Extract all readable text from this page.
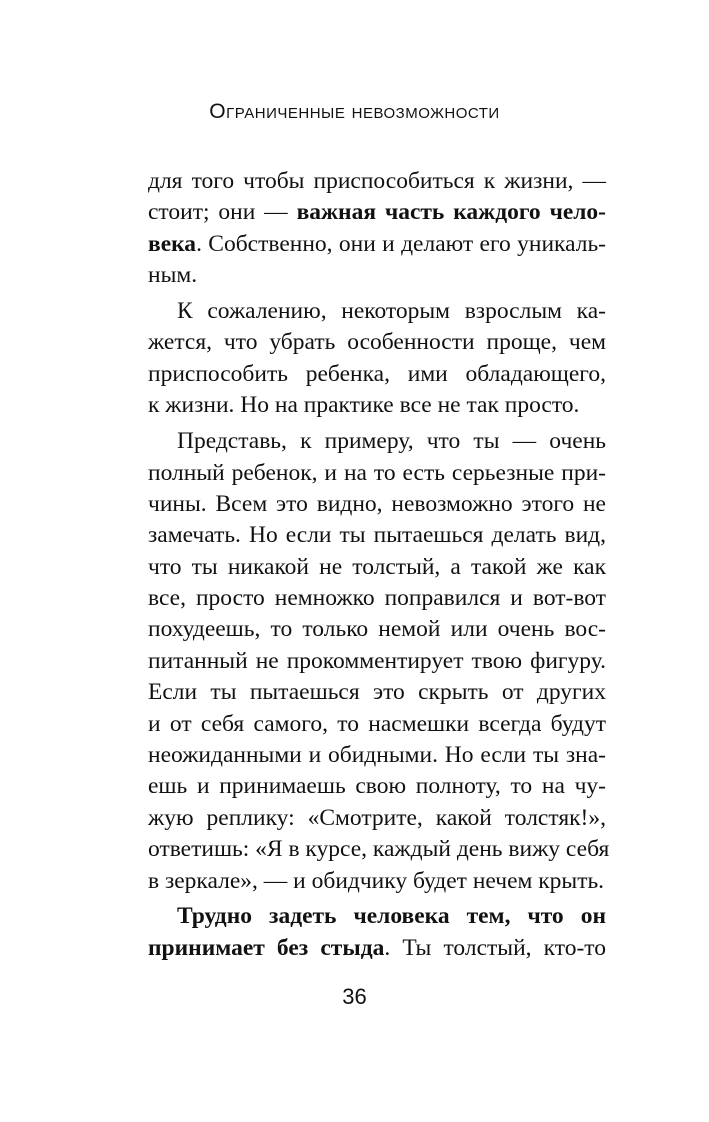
Ограниченные невозможности

для того чтобы приспособиться к жизни, —
стоит; они — важная часть каждого чело-
века. Собственно, они и делают его уникаль-
ным.

К сожалению, некоторым взрослым ка-
жется, что убрать особенности проще, чем
приспособить ребенка, ими обладающего,
к жизни. Но на практике все не так просто.

Представь, к примеру, что ты — очень
полный ребенок, и на то есть серьезные при-
чины. Всем это видно, невозможно этого не
замечать. Но если ты пытаешься делать вид,
что ты никакой не толстый, а такой же как
все, просто немножко поправился и вот-вот
похудеешь, то только немой или очень вос-
питанный не прокомментирует твою фигуру.
Если ты пытаешься это скрыть от других
и от себя самого, то насмешки всегда будут
неожиданными и обидными. Но если ты зна-
ешь и принимаешь свою полноту, то на чу-
жую реплику: «Смотрите, какой толстяк!»,
ответишь: «Я в курсе, каждый день вижу себя
в зеркале», — и обидчику будет нечем крыть.

Трудно задеть человека тем, что он
принимает без стыда. Ты толстый, кто-то

36
